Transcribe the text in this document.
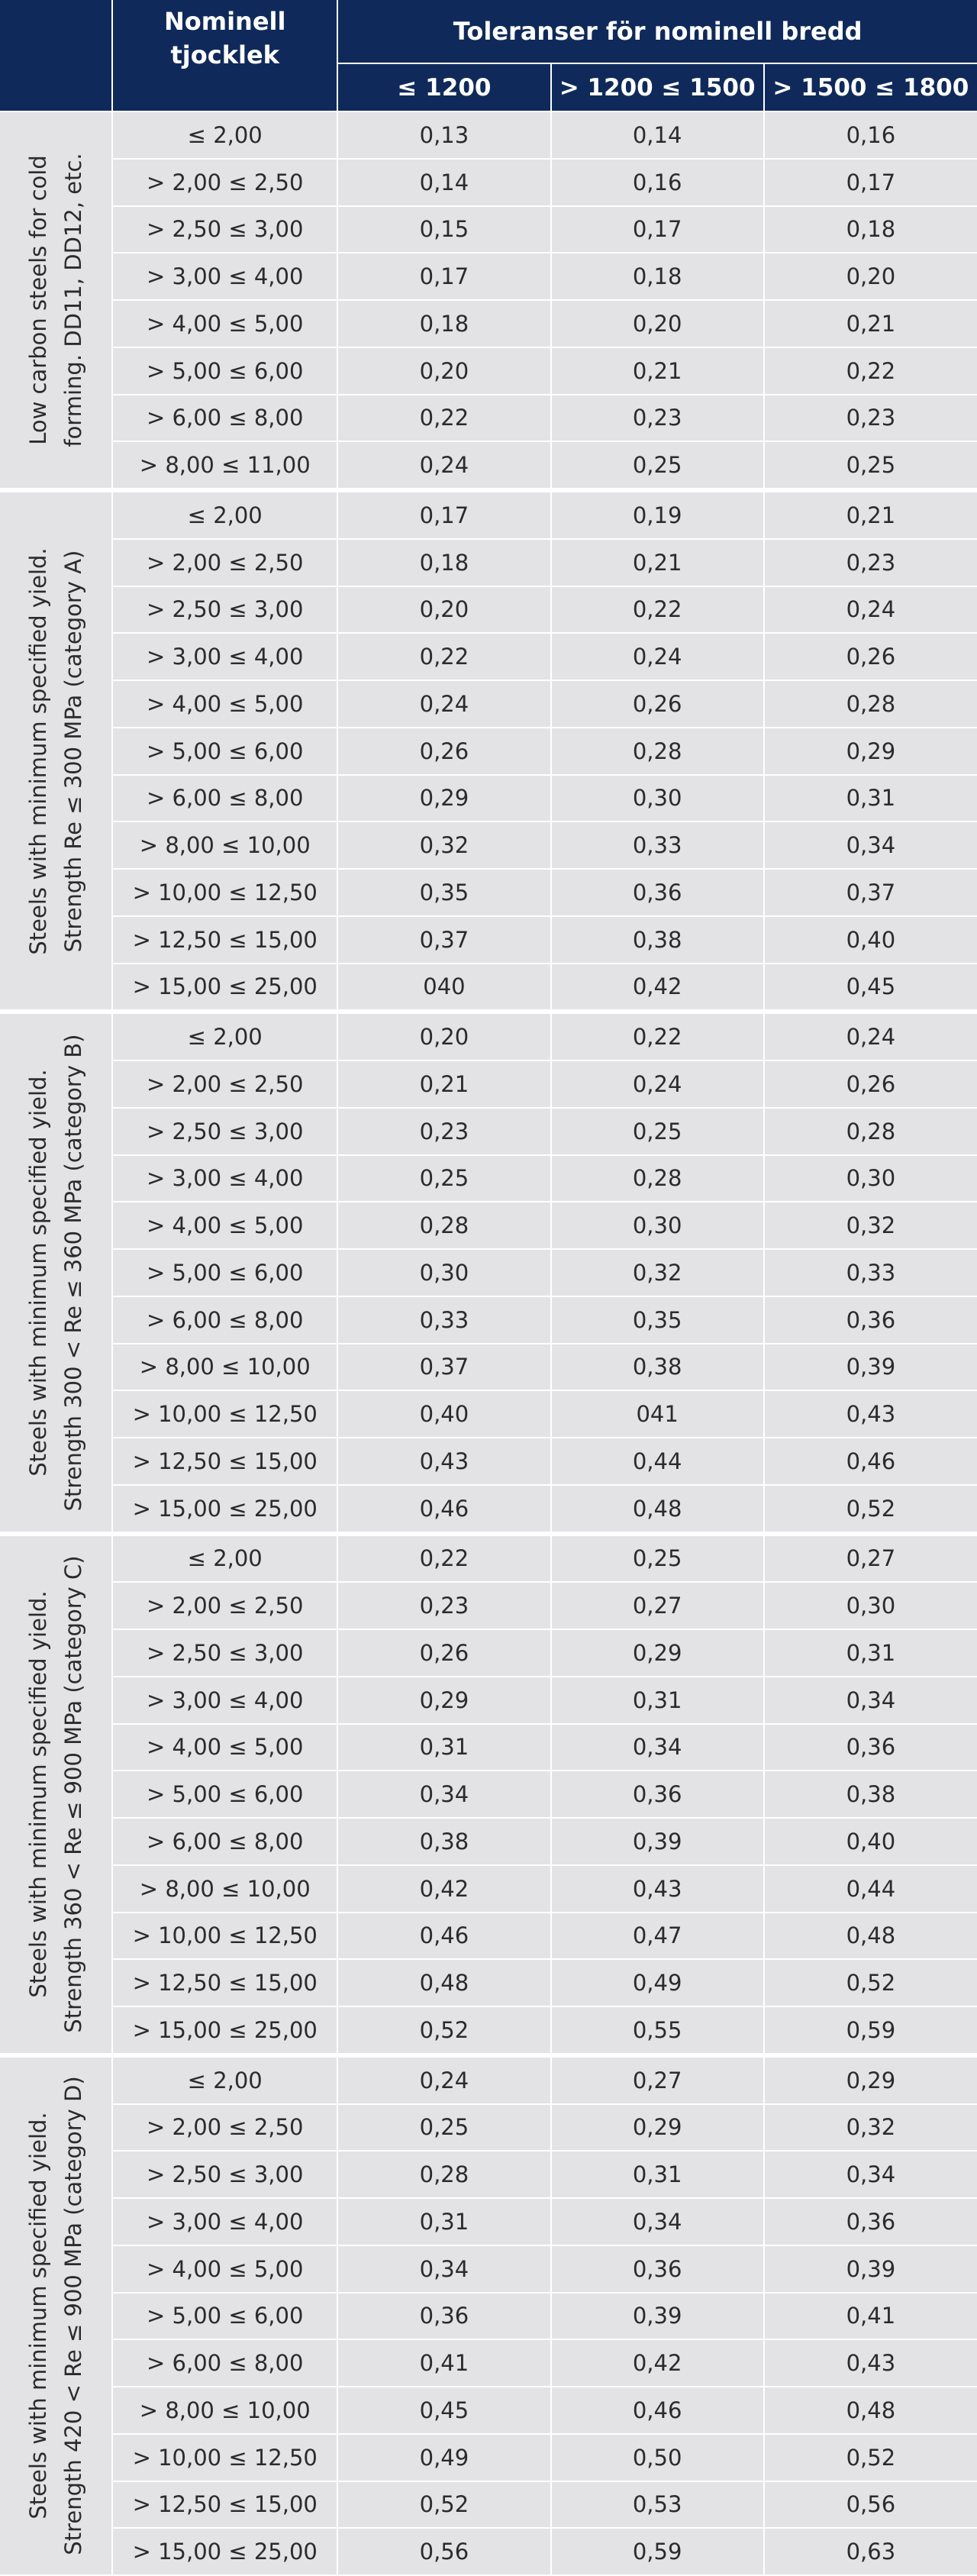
	Nominell tjocklek	Toleranser för nominell bredd		
		≤ 1200	> 1200 ≤ 1500	> 1500 ≤ 1800

Low carbon steels for cold forming. DD11, DD12, etc.	≤ 2,00	0,13	0,14	0,16
	> 2,00 ≤ 2,50	0,14	0,16	0,17
	> 2,50 ≤ 3,00	0,15	0,17	0,18
	> 3,00 ≤ 4,00	0,17	0,18	0,20
	> 4,00 ≤ 5,00	0,18	0,20	0,21
	> 5,00 ≤ 6,00	0,20	0,21	0,22
	> 6,00 ≤ 8,00	0,22	0,23	0,23
	> 8,00 ≤ 11,00	0,24	0,25	0,25

Steels with minimum specified yield. Strength Re ≤ 300 MPa (category A)	≤ 2,00	0,17	0,19	0,21
	> 2,00 ≤ 2,50	0,18	0,21	0,23
	> 2,50 ≤ 3,00	0,20	0,22	0,24
	> 3,00 ≤ 4,00	0,22	0,24	0,26
	> 4,00 ≤ 5,00	0,24	0,26	0,28
	> 5,00 ≤ 6,00	0,26	0,28	0,29
	> 6,00 ≤ 8,00	0,29	0,30	0,31
	> 8,00 ≤ 10,00	0,32	0,33	0,34
	> 10,00 ≤ 12,50	0,35	0,36	0,37
	> 12,50 ≤ 15,00	0,37	0,38	0,40
	> 15,00 ≤ 25,00	040	0,42	0,45

Steels with minimum specified yield. Strength 300 < Re ≤ 360 MPa (category B)	≤ 2,00	0,20	0,22	0,24
	> 2,00 ≤ 2,50	0,21	0,24	0,26
	> 2,50 ≤ 3,00	0,23	0,25	0,28
	> 3,00 ≤ 4,00	0,25	0,28	0,30
	> 4,00 ≤ 5,00	0,28	0,30	0,32
	> 5,00 ≤ 6,00	0,30	0,32	0,33
	> 6,00 ≤ 8,00	0,33	0,35	0,36
	> 8,00 ≤ 10,00	0,37	0,38	0,39
	> 10,00 ≤ 12,50	0,40	041	0,43
	> 12,50 ≤ 15,00	0,43	0,44	0,46
	> 15,00 ≤ 25,00	0,46	0,48	0,52

Steels with minimum specified yield. Strength 360 < Re ≤ 900 MPa (category C)	≤ 2,00	0,22	0,25	0,27
	> 2,00 ≤ 2,50	0,23	0,27	0,30
	> 2,50 ≤ 3,00	0,26	0,29	0,31
	> 3,00 ≤ 4,00	0,29	0,31	0,34
	> 4,00 ≤ 5,00	0,31	0,34	0,36
	> 5,00 ≤ 6,00	0,34	0,36	0,38
	> 6,00 ≤ 8,00	0,38	0,39	0,40
	> 8,00 ≤ 10,00	0,42	0,43	0,44
	> 10,00 ≤ 12,50	0,46	0,47	0,48
	> 12,50 ≤ 15,00	0,48	0,49	0,52
	> 15,00 ≤ 25,00	0,52	0,55	0,59

Steels with minimum specified yield. Strength 420 < Re ≤ 900 MPa (category D)	≤ 2,00	0,24	0,27	0,29
	> 2,00 ≤ 2,50	0,25	0,29	0,32
	> 2,50 ≤ 3,00	0,28	0,31	0,34
	> 3,00 ≤ 4,00	0,31	0,34	0,36
	> 4,00 ≤ 5,00	0,34	0,36	0,39
	> 5,00 ≤ 6,00	0,36	0,39	0,41
	> 6,00 ≤ 8,00	0,41	0,42	0,43
	> 8,00 ≤ 10,00	0,45	0,46	0,48
	> 10,00 ≤ 12,50	0,49	0,50	0,52
	> 12,50 ≤ 15,00	0,52	0,53	0,56
	> 15,00 ≤ 25,00	0,56	0,59	0,63
